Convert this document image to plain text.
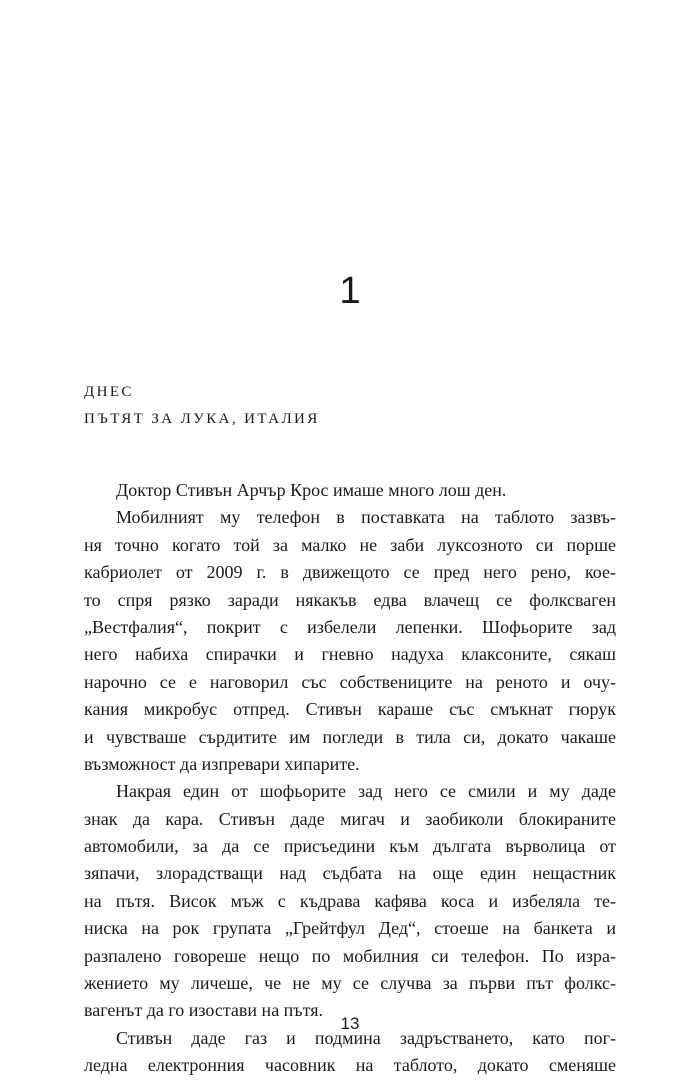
1
ДНЕС
ПЪТЯТ ЗА ЛУКА, ИТАЛИЯ
Доктор Стивън Арчър Крос имаше много лош ден.
Мобилният му телефон в поставката на таблото зазвъ-
ня точно когато той за малко не заби луксозното си порше
кабриолет от 2009 г. в движещото се пред него рено, кое-
то спря рязко заради някакъв едва влачещ се фолксваген
„Вестфалия“, покрит с избелели лепенки. Шофьорите зад
него набиха спирачки и гневно надуха клаксоните, сякаш
нарочно се е наговорил със собствениците на реното и очу-
кания микробус отпред. Стивън караше със смъкнат гюрук
и чувстваше сърдитите им погледи в тила си, докато чакаше
възможност да изпревари хипарите.
Накрая един от шофьорите зад него се смили и му даде
знак да кара. Стивън даде мигач и заобиколи блокираните
автомобили, за да се присъедини към дългата върволица от
зяпачи, злорадстващи над съдбата на още един нещастник
на пътя. Висок мъж с къдрава кафява коса и избеляла те-
ниска на рок групата „Грейтфул Дед“, стоеше на банкета и
разпалено говореше нещо по мобилния си телефон. По изра-
жението му личеше, че не му се случва за първи път фолкс-
вагенът да го изостави на пътя.
Стивън даде газ и подмина задръстването, като пог-
ледна електронния часовник на таблото, докато сменяше
13
